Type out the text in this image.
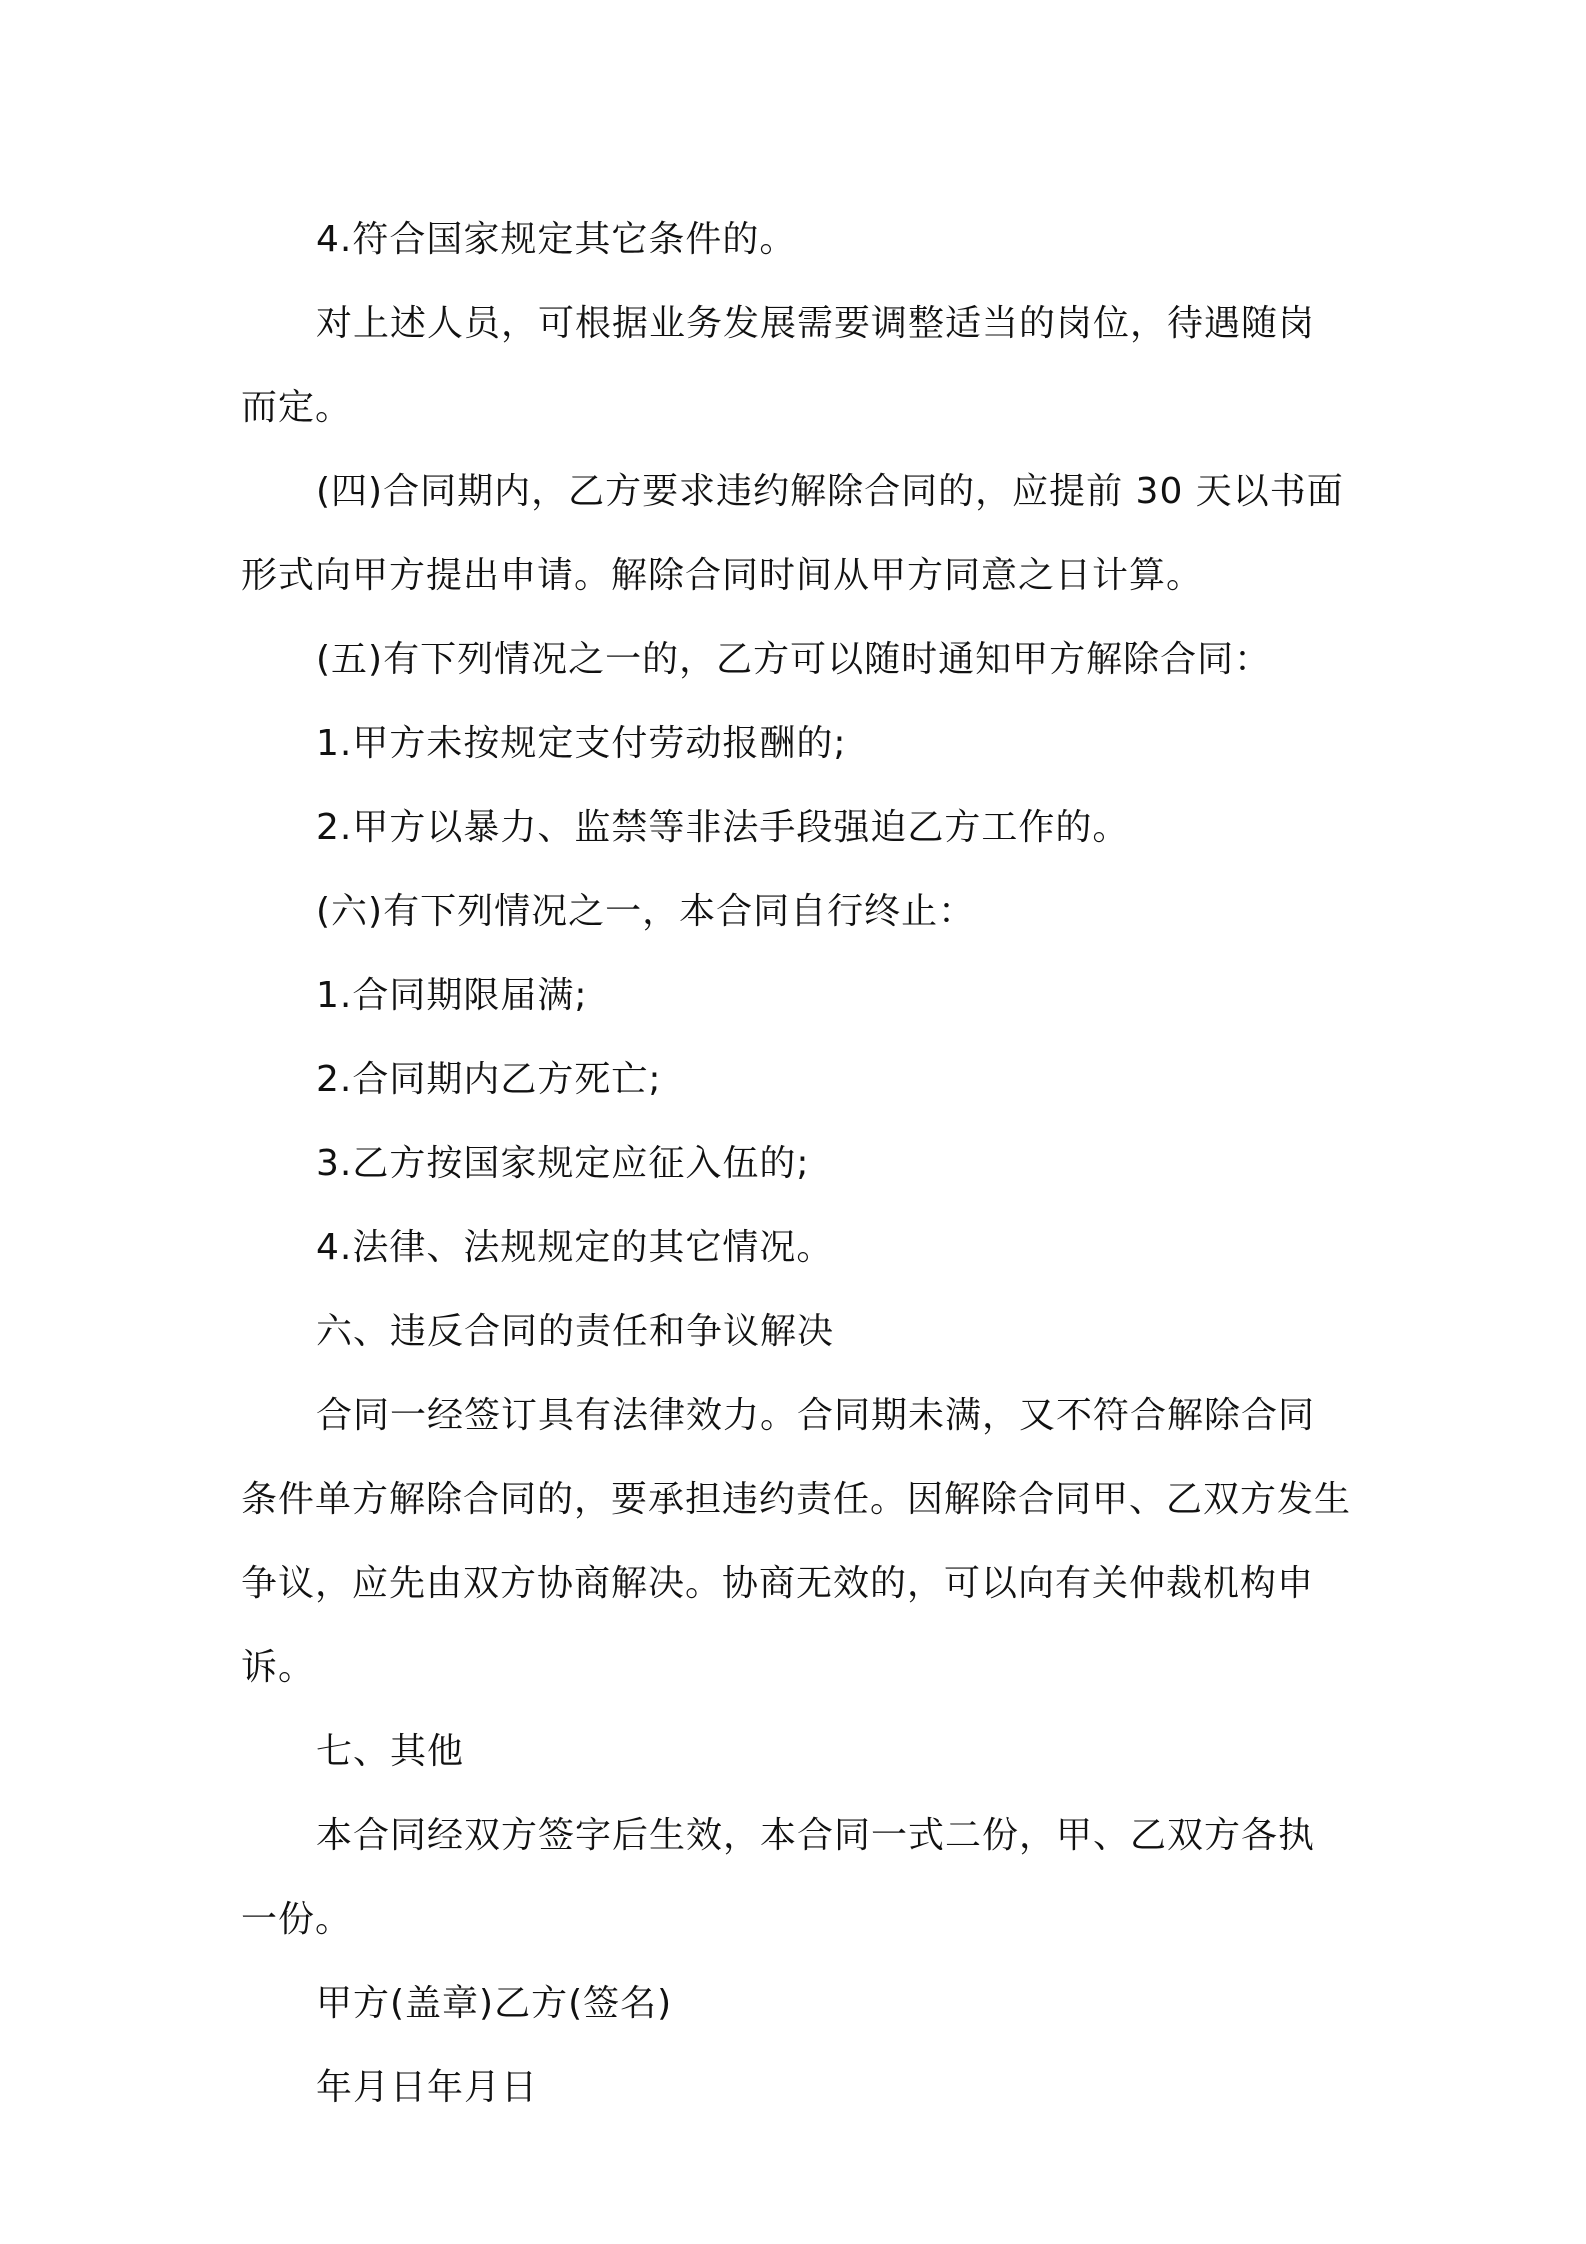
4.符合国家规定其它条件的。

对上述人员，可根据业务发展需要调整适当的岗位，待遇随岗而定。

(四)合同期内，乙方要求违约解除合同的，应提前 30 天以书面形式向甲方提出申请。解除合同时间从甲方同意之日计算。

(五)有下列情况之一的，乙方可以随时通知甲方解除合同：

1.甲方未按规定支付劳动报酬的;

2.甲方以暴力、监禁等非法手段强迫乙方工作的。

(六)有下列情况之一，本合同自行终止：

1.合同期限届满;

2.合同期内乙方死亡;

3.乙方按国家规定应征入伍的;

4.法律、法规规定的其它情况。

六、违反合同的责任和争议解决

合同一经签订具有法律效力。合同期未满，又不符合解除合同条件单方解除合同的，要承担违约责任。因解除合同甲、乙双方发生争议，应先由双方协商解决。协商无效的，可以向有关仲裁机构申诉。

七、其他

本合同经双方签字后生效，本合同一式二份，甲、乙双方各执一份。

甲方(盖章)乙方(签名)

年月日年月日
